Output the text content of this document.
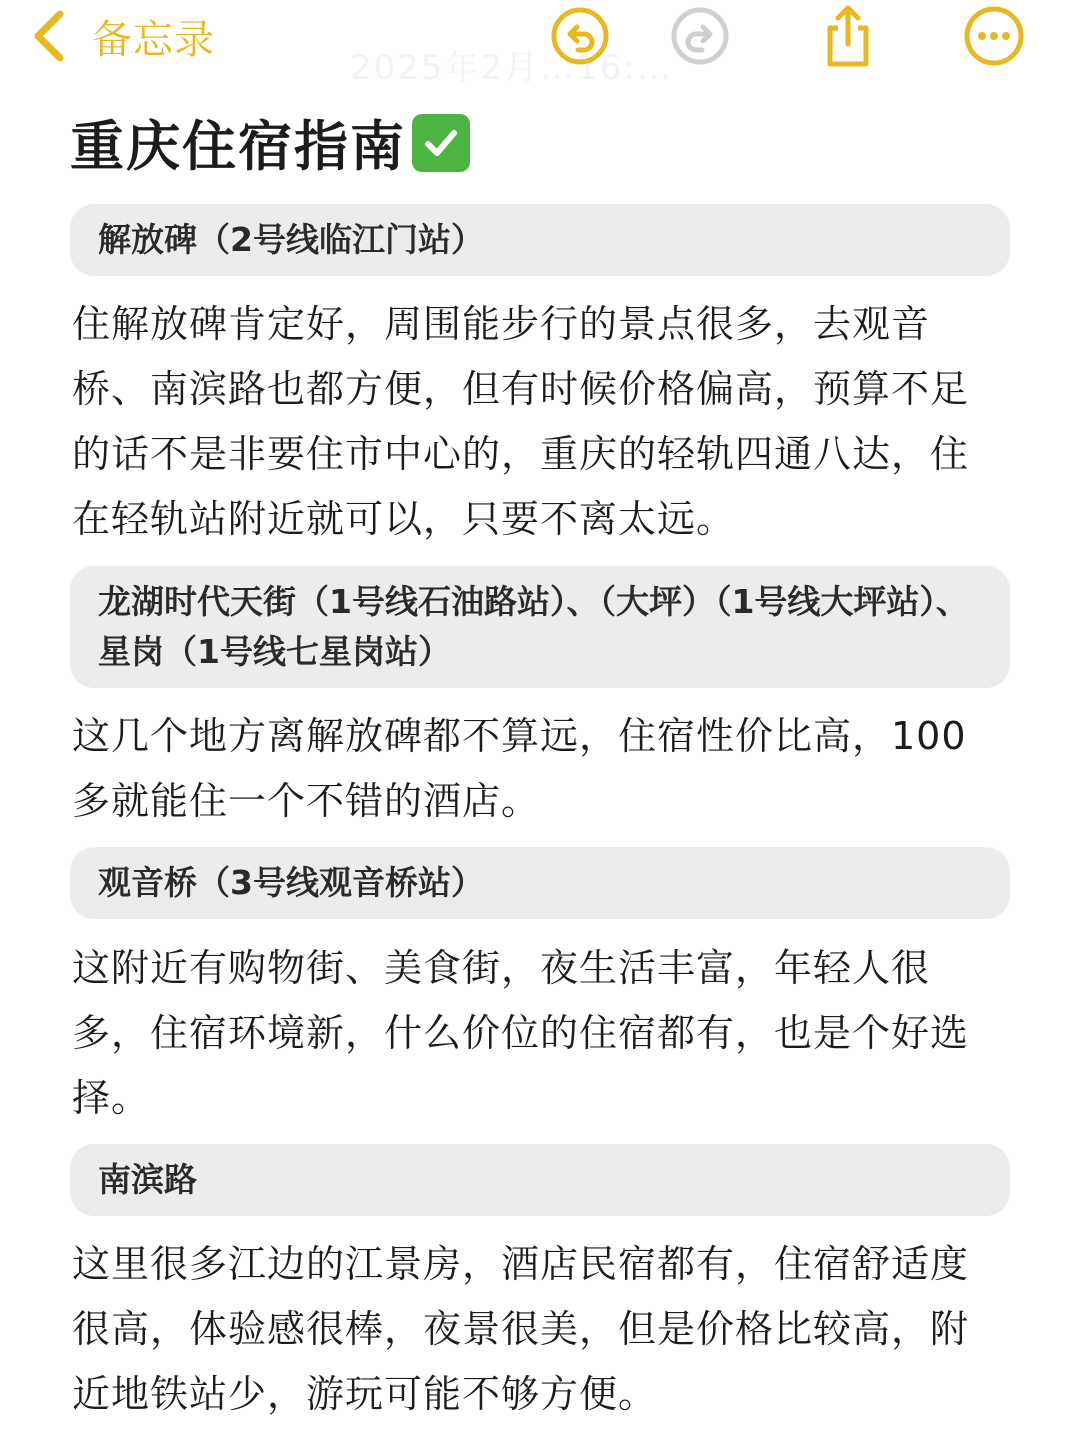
2025年2月…16:…
备忘录
重庆住宿指南
解放碑（2号线临江门站）
住解放碑肯定好，周围能步行的景点很多，去观音桥、南滨路也都方便，但有时候价格偏高，预算不足的话不是非要住市中心的，重庆的轻轨四通八达，住在轻轨站附近就可以，只要不离太远。
龙湖时代天街（1号线石油路站）、（大坪）（1号线大坪站）、星岗（1号线七星岗站）
这几个地方离解放碑都不算远，住宿性价比高，100多就能住一个不错的酒店。
观音桥（3号线观音桥站）
这附近有购物街、美食街，夜生活丰富，年轻人很多，住宿环境新，什么价位的住宿都有，也是个好选择。
南滨路
这里很多江边的江景房，酒店民宿都有，住宿舒适度很高，体验感很棒，夜景很美，但是价格比较高，附近地铁站少，游玩可能不够方便。
